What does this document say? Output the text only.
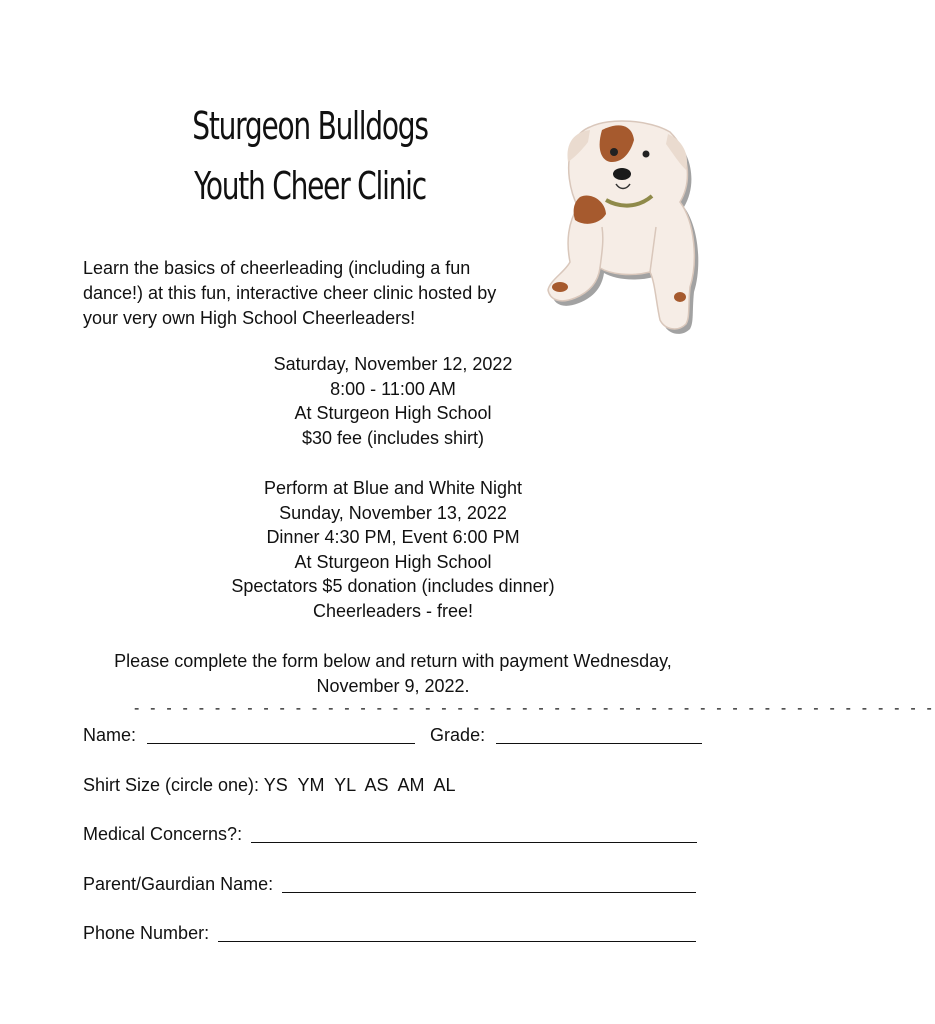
Sturgeon Bulldogs
Youth Cheer Clinic
Learn the basics of cheerleading (including a fun
dance!) at this fun, interactive cheer clinic hosted by
your very own High School Cheerleaders!
Saturday, November 12, 2022
8:00 - 11:00 AM
At Sturgeon High School
$30 fee (includes shirt)
Perform at Blue and White Night
Sunday, November 13, 2022
Dinner 4:30 PM, Event 6:00 PM
At Sturgeon High School
Spectators $5 donation (includes dinner)
Cheerleaders - free!
Please complete the form below and return with payment Wednesday,
November 9, 2022.
- - - - - - - - - - - - - - - - - - - - - - - - - - - - - - - - - - - - - - - - - - - - - - - - - -
Name:	Grade:
Shirt Size (circle one): YS  YM  YL  AS  AM  AL
Medical Concerns?:
Parent/Gaurdian Name:
Phone Number:
